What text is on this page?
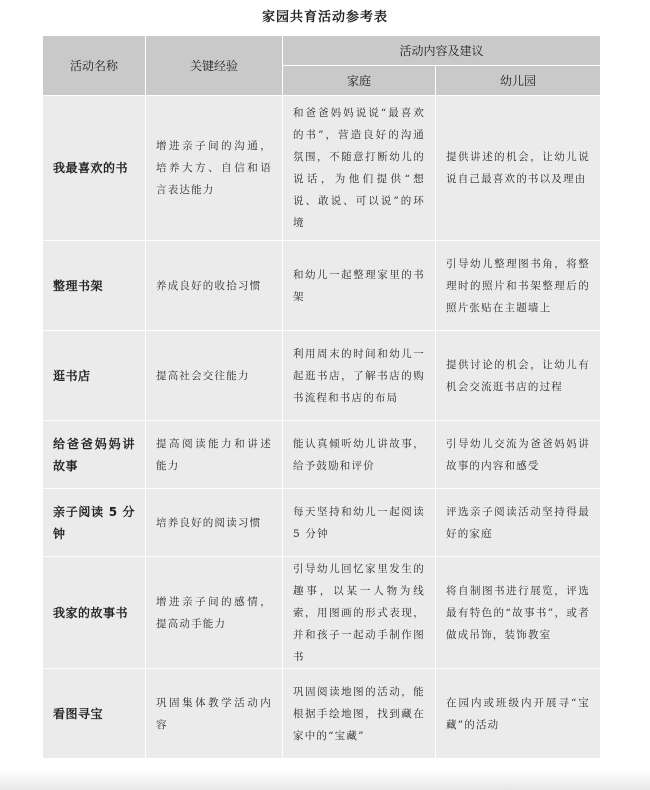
家园共育活动参考表
活动名称	关键经验	活动内容及建议	
		家庭	幼儿园
我最喜欢的书	增进亲子间的沟通，培养大方、自信和语言表达能力	和爸爸妈妈说说“最喜欢的书”，营造良好的沟通氛围，不随意打断幼儿的说话，为他们提供“想说、敢说、可以说”的环境	提供讲述的机会，让幼儿说说自己最喜欢的书以及理由
整理书架	养成良好的收拾习惯	和幼儿一起整理家里的书架	引导幼儿整理图书角，将整理时的照片和书架整理后的照片张贴在主题墙上
逛书店	提高社会交往能力	利用周末的时间和幼儿一起逛书店，了解书店的购书流程和书店的布局	提供讨论的机会，让幼儿有机会交流逛书店的过程
给爸爸妈妈讲故事	提高阅读能力和讲述能力	能认真倾听幼儿讲故事，给予鼓励和评价	引导幼儿交流为爸爸妈妈讲故事的内容和感受
亲子阅读 5 分钟	培养良好的阅读习惯	每天坚持和幼儿一起阅读 5 分钟	评选亲子阅读活动坚持得最好的家庭
我家的故事书	增进亲子间的感情，提高动手能力	引导幼儿回忆家里发生的趣事，以某一人物为线索，用图画的形式表现，并和孩子一起动手制作图书	将自制图书进行展览，评选最有特色的“故事书”，或者做成吊饰，装饰教室
看图寻宝	巩固集体教学活动内容	巩固阅读地图的活动，能根据手绘地图，找到藏在家中的“宝藏”	在园内或班级内开展寻“宝藏”的活动
